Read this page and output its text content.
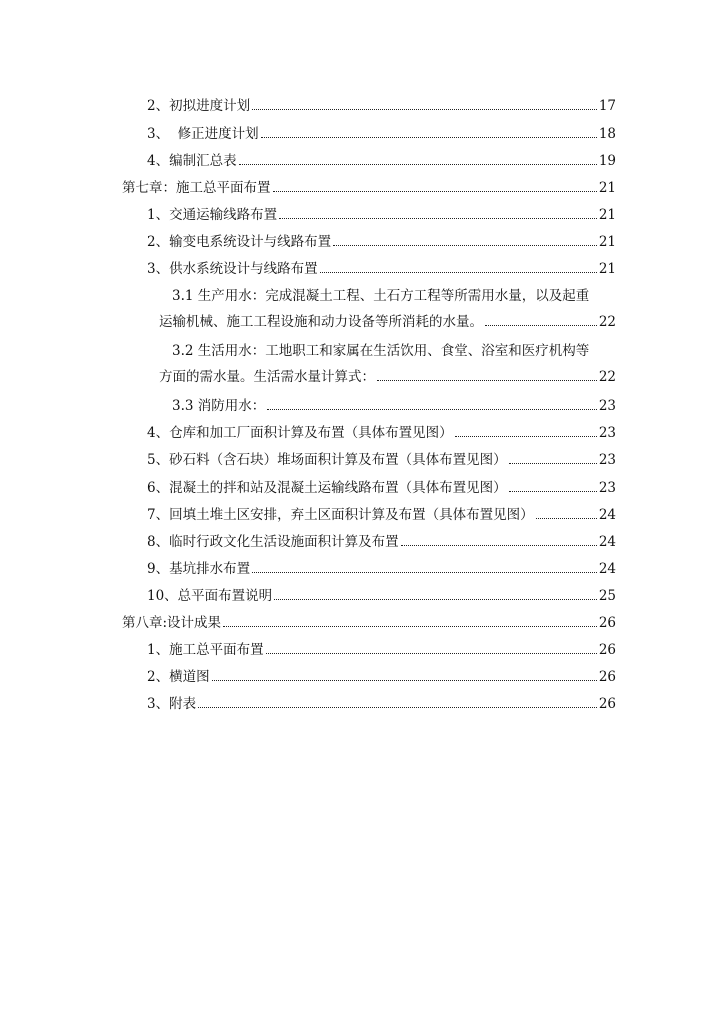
2、初拟进度计划	17
3、  修正进度计划	18
4、编制汇总表	19
第七章：施工总平面布置	21
1、交通运输线路布置	21
2、输变电系统设计与线路布置	21
3、供水系统设计与线路布置	21
3.1 生产用水：完成混凝土工程、土石方工程等所需用水量，以及起重
运输机械、施工工程设施和动力设备等所消耗的水量。	22
3.2 生活用水：工地职工和家属在生活饮用、食堂、浴室和医疗机构等
方面的需水量。生活需水量计算式：	22
3.3 消防用水：	23
4、仓库和加工厂面积计算及布置（具体布置见图）	23
5、砂石料（含石块）堆场面积计算及布置（具体布置见图）	23
6、混凝土的拌和站及混凝土运输线路布置（具体布置见图）	23
7、回填土堆土区安排，弃土区面积计算及布置（具体布置见图）	24
8、临时行政文化生活设施面积计算及布置	24
9、基坑排水布置	24
10、总平面布置说明	25
第八章:设计成果	26
1、施工总平面布置	26
2、横道图	26
3、附表	26
